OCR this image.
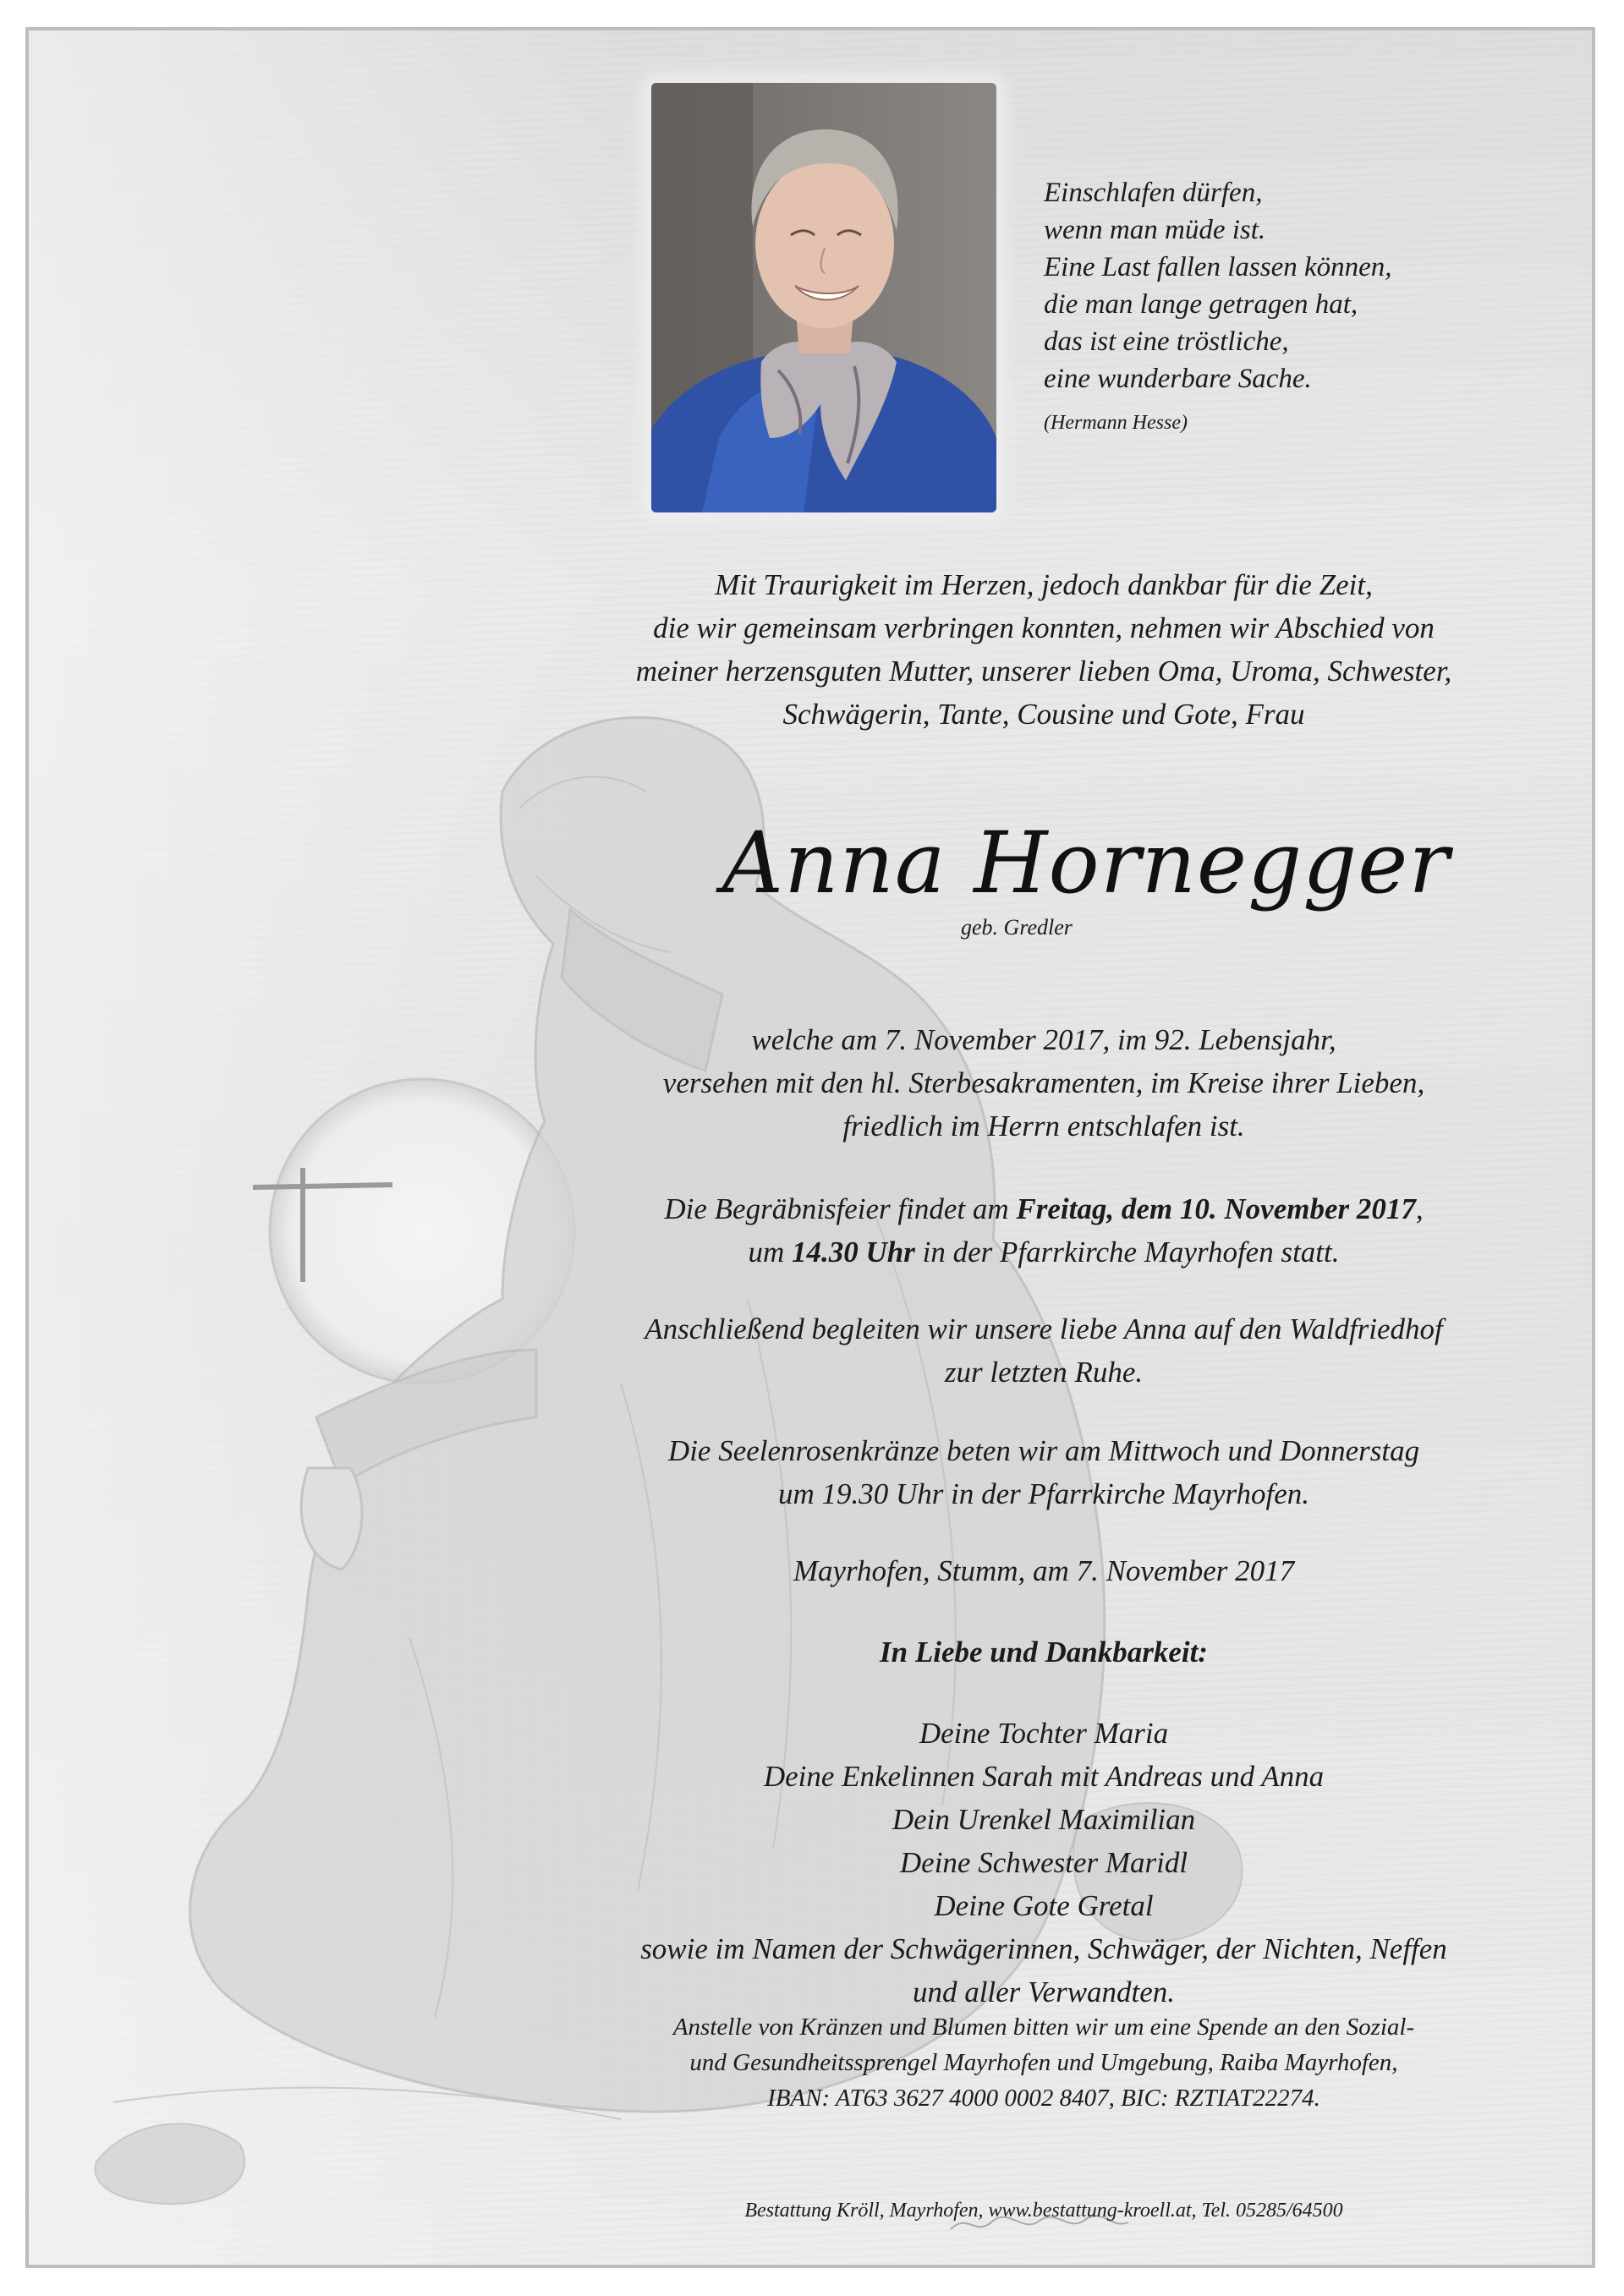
Einschlafen dürfen,
wenn man müde ist.
Eine Last fallen lassen können,
die man lange getragen hat,
das ist eine tröstliche,
eine wunderbare Sache.
(Hermann Hesse)
Mit Traurigkeit im Herzen, jedoch dankbar für die Zeit,
die wir gemeinsam verbringen konnten, nehmen wir Abschied von
meiner herzensguten Mutter, unserer lieben Oma, Uroma, Schwester,
Schwägerin, Tante, Cousine und Gote, Frau
Anna Hornegger
geb. Gredler
welche am 7. November 2017, im 92. Lebensjahr,
versehen mit den hl. Sterbesakramenten, im Kreise ihrer Lieben,
friedlich im Herrn entschlafen ist.
Die Begräbnisfeier findet am Freitag, dem 10. November 2017,
um 14.30 Uhr in der Pfarrkirche Mayrhofen statt.
Anschließend begleiten wir unsere liebe Anna auf den Waldfriedhof
zur letzten Ruhe.
Die Seelenrosenkränze beten wir am Mittwoch und Donnerstag
um 19.30 Uhr in der Pfarrkirche Mayrhofen.
Mayrhofen, Stumm, am 7. November 2017
In Liebe und Dankbarkeit:
Deine Tochter Maria
Deine Enkelinnen Sarah mit Andreas und Anna
Dein Urenkel Maximilian
Deine Schwester Maridl
Deine Gote Gretal
sowie im Namen der Schwägerinnen, Schwäger, der Nichten, Neffen
und aller Verwandten.
Anstelle von Kränzen und Blumen bitten wir um eine Spende an den Sozial-
und Gesundheitssprengel Mayrhofen und Umgebung, Raiba Mayrhofen,
IBAN: AT63 3627 4000 0002 8407, BIC: RZTIAT22274.
Bestattung Kröll, Mayrhofen, www.bestattung-kroell.at, Tel. 05285/64500
